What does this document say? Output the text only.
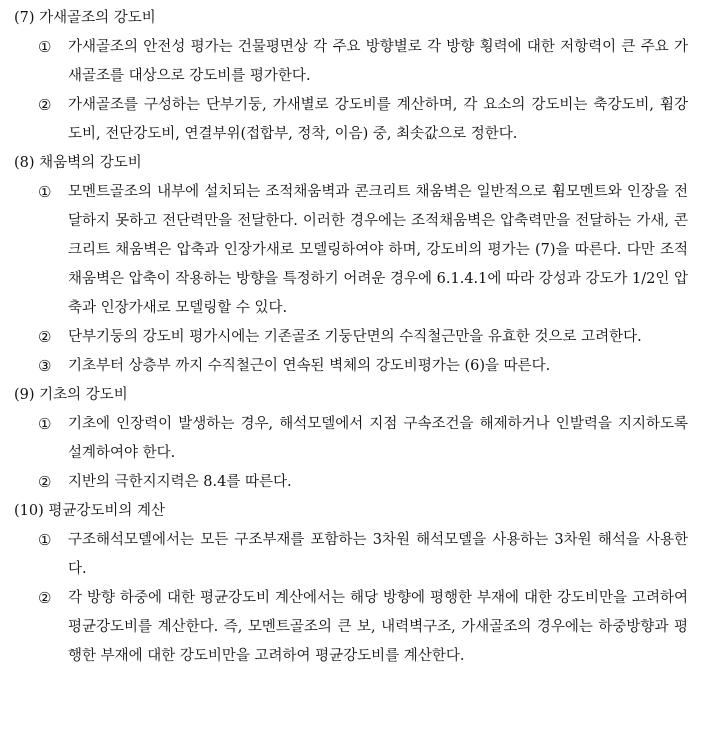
(7) 가새골조의 강도비
①	가새골조의 안전성 평가는 건물평면상 각 주요 방향별로 각 방향 횡력에 대한 저항력이 큰 주요 가새골조를 대상으로 강도비를 평가한다.
②	가새골조를 구성하는 단부기둥, 가새별로 강도비를 계산하며, 각 요소의 강도비는 축강도비, 휨강도비, 전단강도비, 연결부위(접합부, 정착, 이음) 중, 최솟값으로 정한다.
(8) 채움벽의 강도비
①	모멘트골조의 내부에 설치되는 조적채움벽과 콘크리트 채움벽은 일반적으로 휨모멘트와 인장을 전달하지 못하고 전단력만을 전달한다. 이러한 경우에는 조적채움벽은 압축력만을 전달하는 가새, 콘크리트 채움벽은 압축과 인장가새로 모델링하여야 하며, 강도비의 평가는 (7)을 따른다. 다만 조적채움벽은 압축이 작용하는 방향을 특정하기 어려운 경우에 6.1.4.1에 따라 강성과 강도가 1/2인 압축과 인장가새로 모델링할 수 있다.
②	단부기둥의 강도비 평가시에는 기존골조 기둥단면의 수직철근만을 유효한 것으로 고려한다.
③	기초부터 상층부 까지 수직철근이 연속된 벽체의 강도비평가는 (6)을 따른다.
(9) 기초의 강도비
①	기초에 인장력이 발생하는 경우, 해석모델에서 지점 구속조건을 해제하거나 인발력을 지지하도록 설계하여야 한다.
②	지반의 극한지지력은 8.4를 따른다.
(10) 평균강도비의 계산
①	구조해석모델에서는 모든 구조부재를 포함하는 3차원 해석모델을 사용하는 3차원 해석을 사용한다.
②	각 방향 하중에 대한 평균강도비 계산에서는 해당 방향에 평행한 부재에 대한 강도비만을 고려하여 평균강도비를 계산한다. 즉, 모멘트골조의 큰 보, 내력벽구조, 가새골조의 경우에는 하중방향과 평행한 부재에 대한 강도비만을 고려하여 평균강도비를 계산한다.
